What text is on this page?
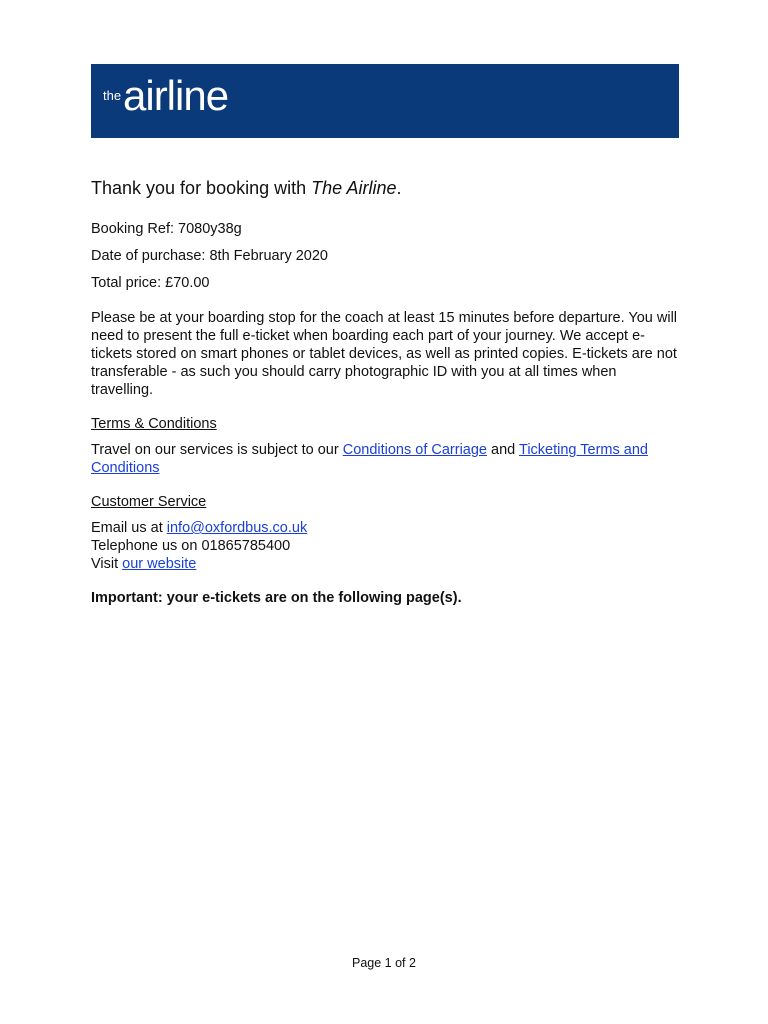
the airline

Thank you for booking with The Airline.

Booking Ref: 7080y38g

Date of purchase: 8th February 2020

Total price: £70.00

Please be at your boarding stop for the coach at least 15 minutes before departure. You will need to present the full e-ticket when boarding each part of your journey. We accept e-tickets stored on smart phones or tablet devices, as well as printed copies. E-tickets are not transferable - as such you should carry photographic ID with you at all times when travelling.

Terms & Conditions

Travel on our services is subject to our Conditions of Carriage and Ticketing Terms and Conditions

Customer Service

Email us at info@oxfordbus.co.uk
Telephone us on 01865785400
Visit our website

Important: your e-tickets are on the following page(s).

Page 1 of 2
